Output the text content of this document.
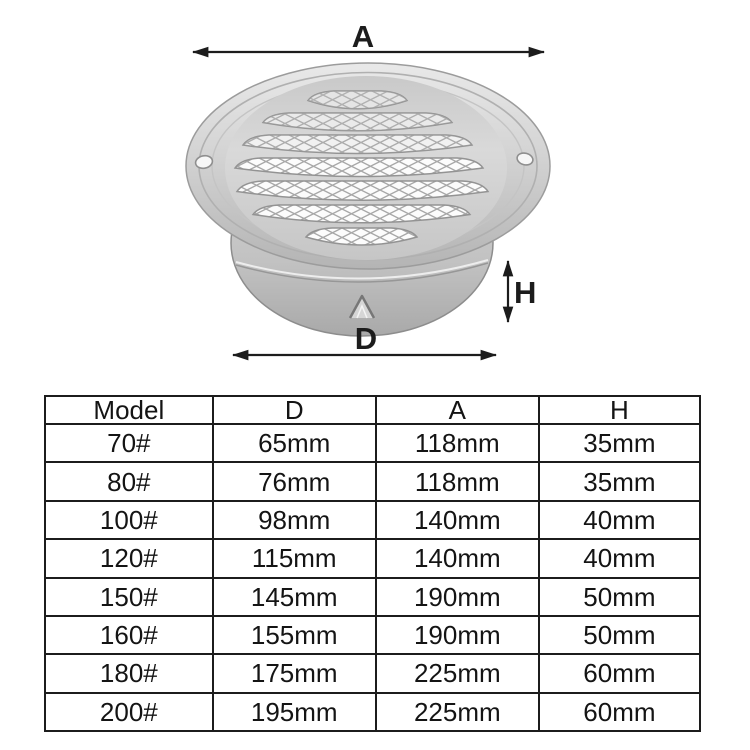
A
H
D
Model	D	A	H
70#	65mm	118mm	35mm
80#	76mm	118mm	35mm
100#	98mm	140mm	40mm
120#	115mm	140mm	40mm
150#	145mm	190mm	50mm
160#	155mm	190mm	50mm
180#	175mm	225mm	60mm
200#	195mm	225mm	60mm
